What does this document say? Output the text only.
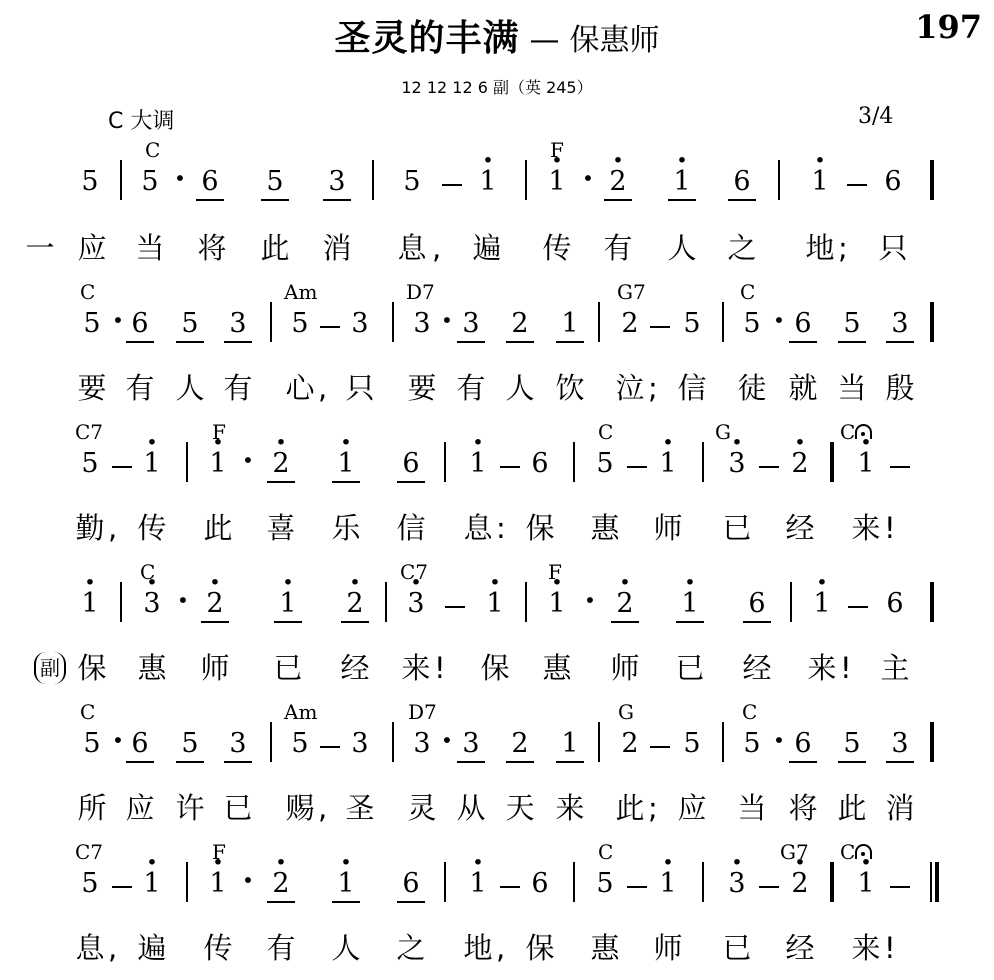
圣灵的丰满 — 保惠师	197
12 12 12 6 副（英 245）
C 大调	3/4
C	F
5 5 · 6 5 3 5 · 1 · 1 · · 2 · 1 6 · 1 6
一 应 当 将 此 消 息 , 遍 传 有 人 之 地 ; 只
C	Am	D7	G7	C
5 · 6 5 3 5 3 3 · 3 2 1 2 5 5 · 6 5 3
要 有 人 有 心 , 只 要 有 人 饮 泣 ; 信 徒 就 当 殷
C7	F	C	G	C
5 · 1 · 1 · · 2 · 1 6 · 1 6 5 · 1 · 3 · 2 · 1
勤 , 传 此 喜 乐 信 息 : 保 惠 师 已 经 来 !
C	C7	F
· 1 · 3 · · 2 · 1 · 2 · 3 · 1 · 1 · · 2 · 1 6 · 1 6
副 保 惠 师 已 经 来 ! 保 惠 师 已 经 来 ! 主
C	Am	D7	G	C
5 · 6 5 3 5 3 3 · 3 2 1 2 5 5 · 6 5 3
所 应 许 已 赐 , 圣 灵 从 天 来 此 ; 应 当 将 此 消
C7	F	C	G7 C
5 · 1 · 1 · · 2 · 1 6 · 1 6 5 · 1 · 3 · 2 · 1
息 , 遍 传 有 人 之 地 , 保 惠 师 已 经 来 !
